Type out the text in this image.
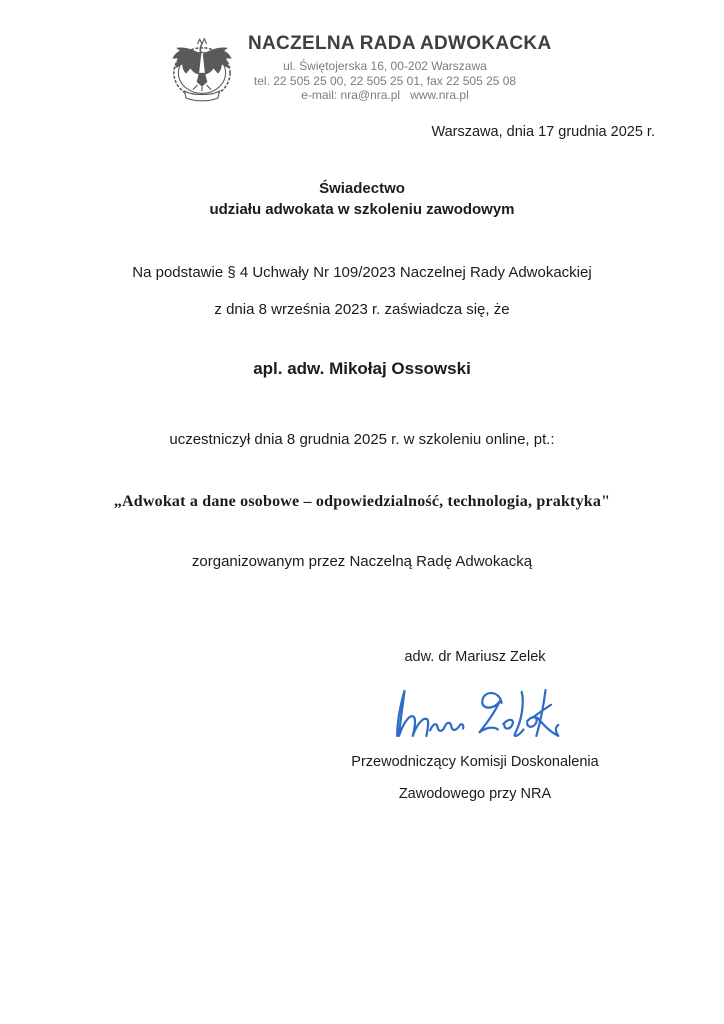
NACZELNA RADA ADWOKACKA
ul. Świętojerska 16, 00-202 Warszawa
tel. 22 505 25 00, 22 505 25 01, fax 22 505 25 08
e-mail: nra@nra.pl   www.nra.pl
Warszawa, dnia 17 grudnia 2025 r.
Świadectwo
udziału adwokata w szkoleniu zawodowym
Na podstawie § 4 Uchwały Nr 109/2023 Naczelnej Rady Adwokackiej
z dnia 8 września 2023 r. zaświadcza się, że
apl. adw. Mikołaj Ossowski
uczestniczył dnia 8 grudnia 2025 r. w szkoleniu online, pt.:
„Adwokat a dane osobowe – odpowiedzialność, technologia, praktyka"
zorganizowanym przez Naczelną Radę Adwokacką
adw. dr Mariusz Zelek
Przewodniczący Komisji Doskonalenia
Zawodowego przy NRA
